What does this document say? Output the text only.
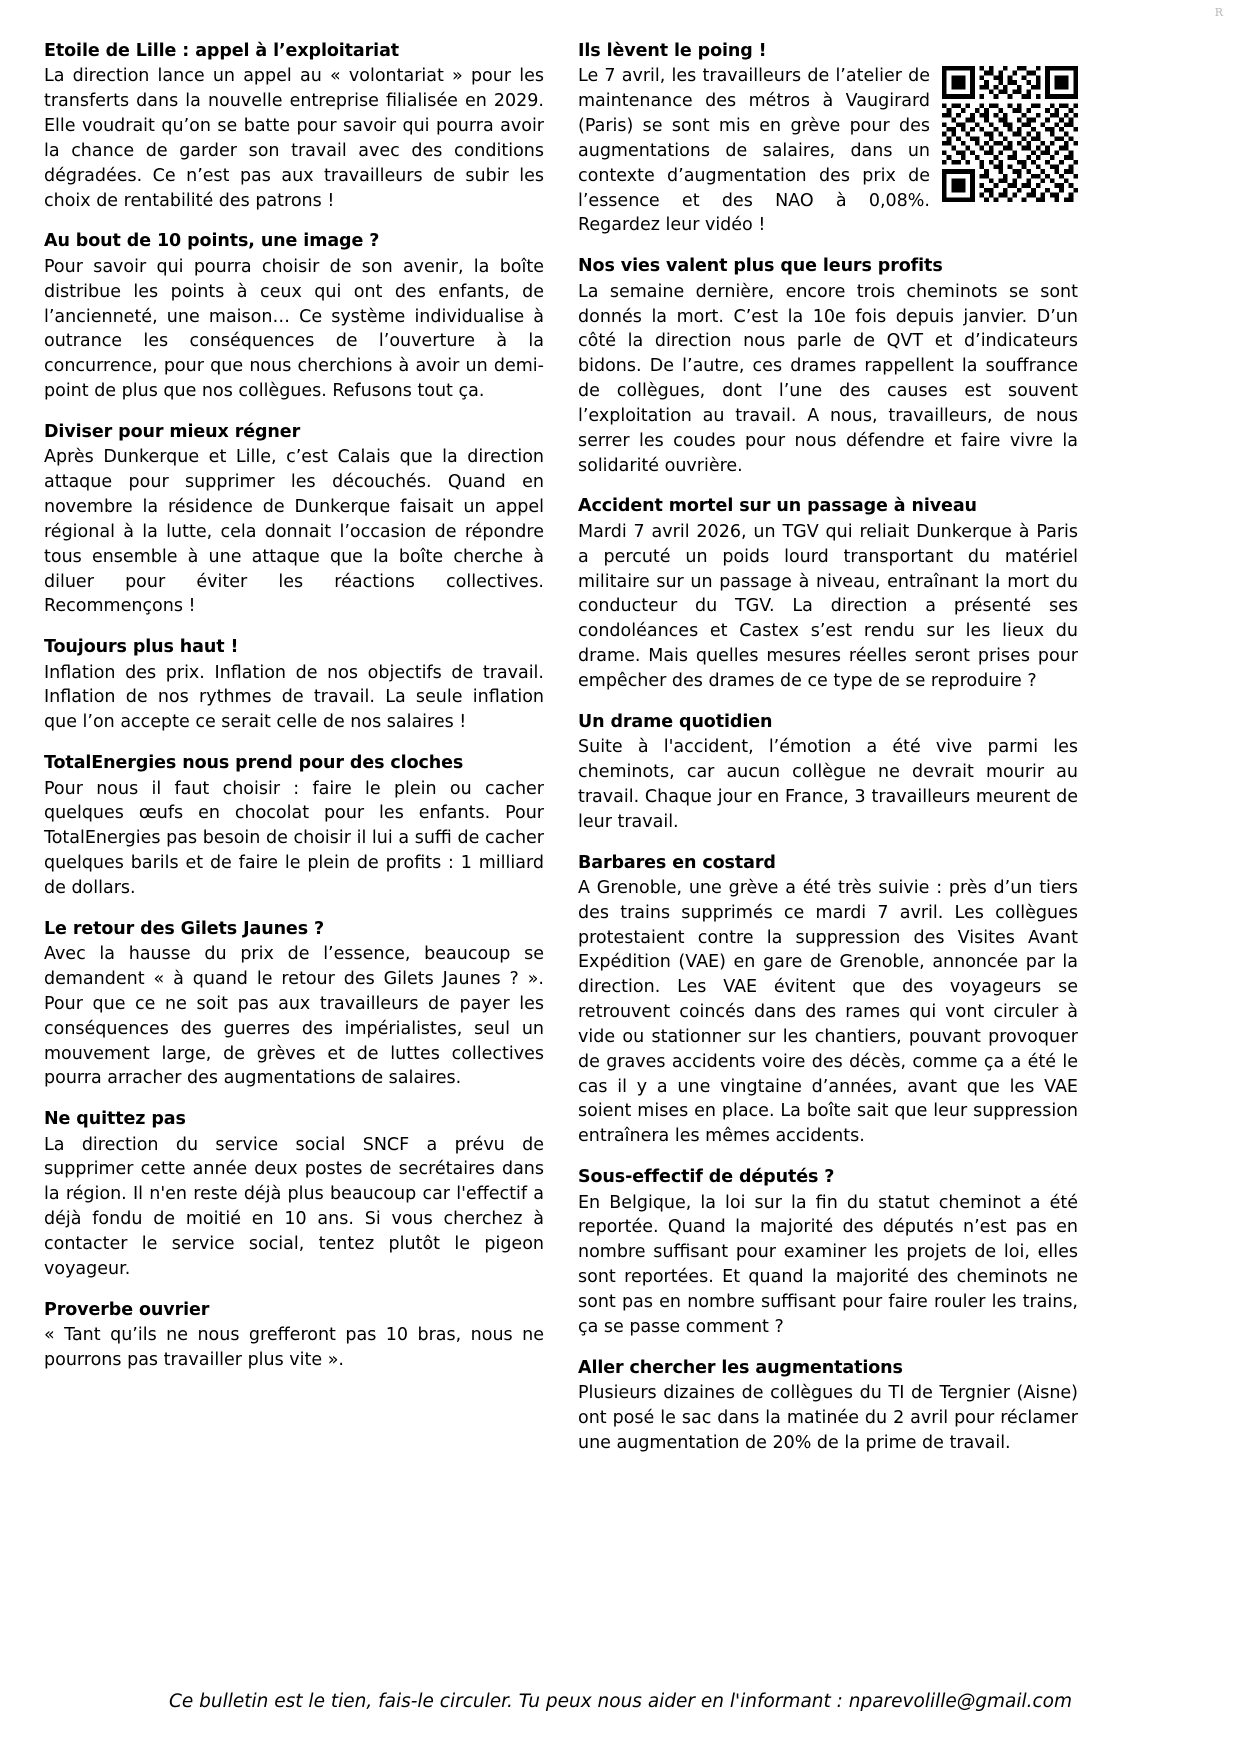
R
Etoile de Lille : appel à l’exploitariat

La direction lance un appel au « volontariat » pour les transferts dans la nouvelle entreprise filialisée en 2029. Elle voudrait qu’on se batte pour savoir qui pourra avoir la chance de garder son travail avec des conditions dégradées. Ce n’est pas aux travailleurs de subir les choix de rentabilité des patrons !

Au bout de 10 points, une image ?

Pour savoir qui pourra choisir de son avenir, la boîte distribue les points à ceux qui ont des enfants, de l’ancienneté, une maison… Ce système individualise à outrance les conséquences de l’ouverture à la concurrence, pour que nous cherchions à avoir un demi-point de plus que nos collègues. Refusons tout ça.

Diviser pour mieux régner

Après Dunkerque et Lille, c’est Calais que la direction attaque pour supprimer les découchés. Quand en novembre la résidence de Dunkerque faisait un appel régional à la lutte, cela donnait l’occasion de répondre tous ensemble à une attaque que la boîte cherche à diluer pour éviter les réactions collectives. Recommençons !

Toujours plus haut !

Inflation des prix. Inflation de nos objectifs de travail. Inflation de nos rythmes de travail. La seule inflation que l’on accepte ce serait celle de nos salaires !

TotalEnergies nous prend pour des cloches

Pour nous il faut choisir : faire le plein ou cacher quelques œufs en chocolat pour les enfants. Pour TotalEnergies pas besoin de choisir il lui a suffi de cacher quelques barils et de faire le plein de profits : 1 milliard de dollars.

Le retour des Gilets Jaunes ?

Avec la hausse du prix de l’essence, beaucoup se demandent « à quand le retour des Gilets Jaunes ? ». Pour que ce ne soit pas aux travailleurs de payer les conséquences des guerres des impérialistes, seul un mouvement large, de grèves et de luttes collectives pourra arracher des augmentations de salaires.

Ne quittez pas

La direction du service social SNCF a prévu de supprimer cette année deux postes de secrétaires dans la région. Il n'en reste déjà plus beaucoup car l'effectif a déjà fondu de moitié en 10 ans. Si vous cherchez à contacter le service social, tentez plutôt le pigeon voyageur.

Proverbe ouvrier

« Tant qu’ils ne nous grefferont pas 10 bras, nous ne pourrons pas travailler plus vite ».

Ils lèvent le poing !

Le 7 avril, les travailleurs de l’atelier de maintenance des métros à Vaugirard (Paris) se sont mis en grève pour des augmentations de salaires, dans un contexte d’augmentation des prix de l’essence et des NAO à 0,08%. Regardez leur vidéo !

Nos vies valent plus que leurs profits

La semaine dernière, encore trois cheminots se sont donnés la mort. C’est la 10e fois depuis janvier. D’un côté la direction nous parle de QVT et d’indicateurs bidons. De l’autre, ces drames rappellent la souffrance de collègues, dont l’une des causes est souvent l’exploitation au travail. A nous, travailleurs, de nous serrer les coudes pour nous défendre et faire vivre la solidarité ouvrière.

Accident mortel sur un passage à niveau

Mardi 7 avril 2026, un TGV qui reliait Dunkerque à Paris a percuté un poids lourd transportant du matériel militaire sur un passage à niveau, entraînant la mort du conducteur du TGV. La direction a présenté ses condoléances et Castex s’est rendu sur les lieux du drame. Mais quelles mesures réelles seront prises pour empêcher des drames de ce type de se reproduire ?

Un drame quotidien

Suite à l'accident, l’émotion a été vive parmi les cheminots, car aucun collègue ne devrait mourir au travail. Chaque jour en France, 3 travailleurs meurent de leur travail.

Barbares en costard

A Grenoble, une grève a été très suivie : près d’un tiers des trains supprimés ce mardi 7 avril. Les collègues protestaient contre la suppression des Visites Avant Expédition (VAE) en gare de Grenoble, annoncée par la direction. Les VAE évitent que des voyageurs se retrouvent coincés dans des rames qui vont circuler à vide ou stationner sur les chantiers, pouvant provoquer de graves accidents voire des décès, comme ça a été le cas il y a une vingtaine d’années, avant que les VAE soient mises en place. La boîte sait que leur suppression entraînera les mêmes accidents.

Sous-effectif de députés ?

En Belgique, la loi sur la fin du statut cheminot a été reportée. Quand la majorité des députés n’est pas en nombre suffisant pour examiner les projets de loi, elles sont reportées. Et quand la majorité des cheminots ne sont pas en nombre suffisant pour faire rouler les trains, ça se passe comment ?

Aller chercher les augmentations

Plusieurs dizaines de collègues du TI de Tergnier (Aisne) ont posé le sac dans la matinée du 2 avril pour réclamer une augmentation de 20% de la prime de travail.

Ce bulletin est le tien, fais-le circuler. Tu peux nous aider en l'informant : nparevolille@gmail.com
